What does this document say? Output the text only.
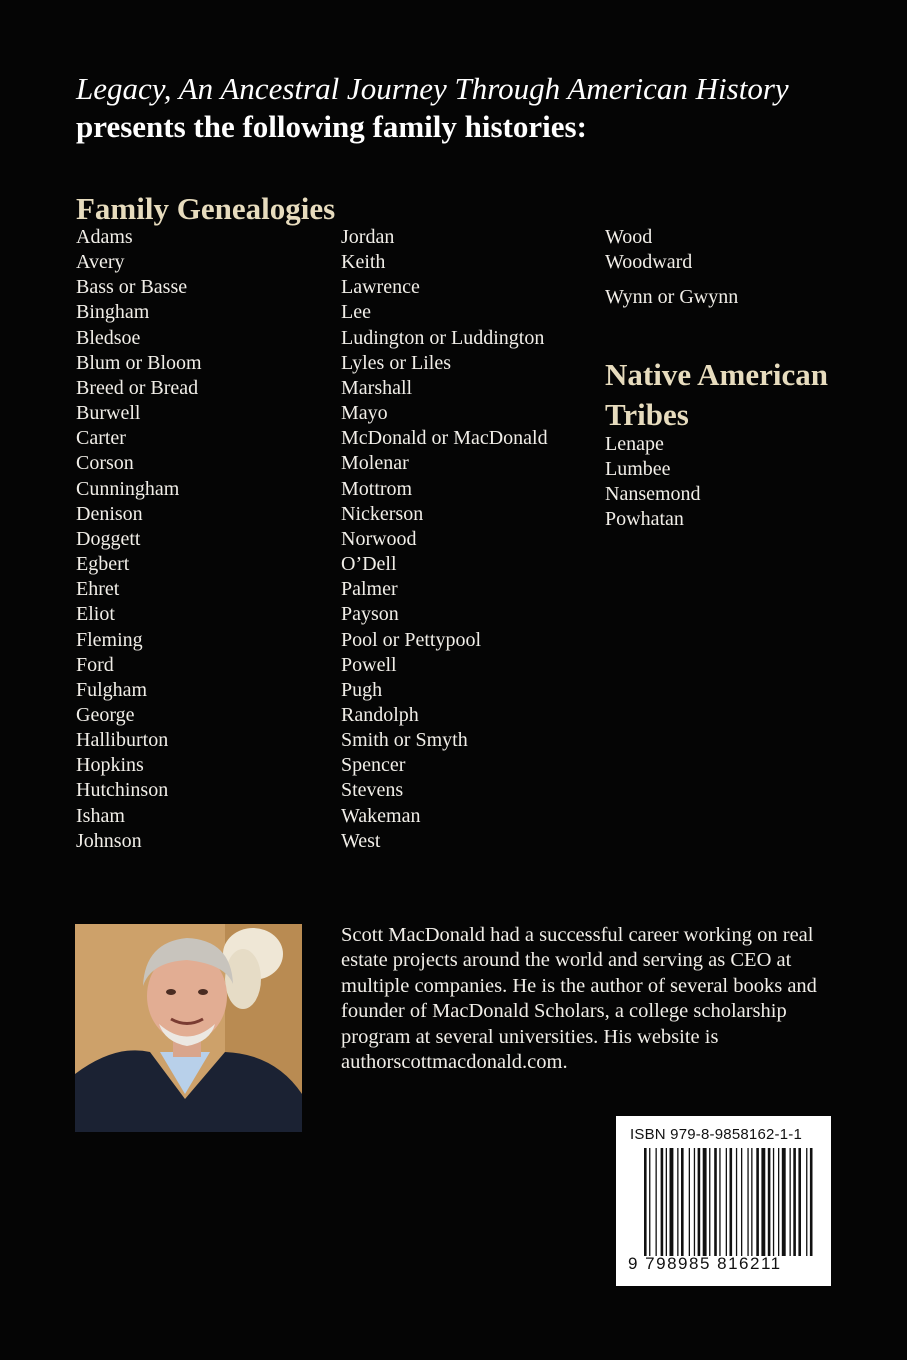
Legacy, An Ancestral Journey Through American History
presents the following family histories:
Family Genealogies
Adams
Avery
Bass or Basse
Bingham
Bledsoe
Blum or Bloom
Breed or Bread
Burwell
Carter
Corson
Cunningham
Denison
Doggett
Egbert
Ehret
Eliot
Fleming
Ford
Fulgham
George
Halliburton
Hopkins
Hutchinson
Isham
Johnson
Jordan
Keith
Lawrence
Lee
Ludington or Luddington
Lyles or Liles
Marshall
Mayo
McDonald or MacDonald
Molenar
Mottrom
Nickerson
Norwood
O’Dell
Palmer
Payson
Pool or Pettypool
Powell
Pugh
Randolph
Smith or Smyth
Spencer
Stevens
Wakeman
West
Wood
Woodward
Wynn or Gwynn
Native American
Tribes
Lenape
Lumbee
Nansemond
Powhatan
Scott MacDonald had a successful career working on real estate projects around the world and serving as CEO at multiple companies. He is the author of several books and founder of MacDonald Scholars, a college scholarship program at several universities. His website is authorscottmacdonald.com.
ISBN 979-8-9858162-1-1
9 798985 816211
